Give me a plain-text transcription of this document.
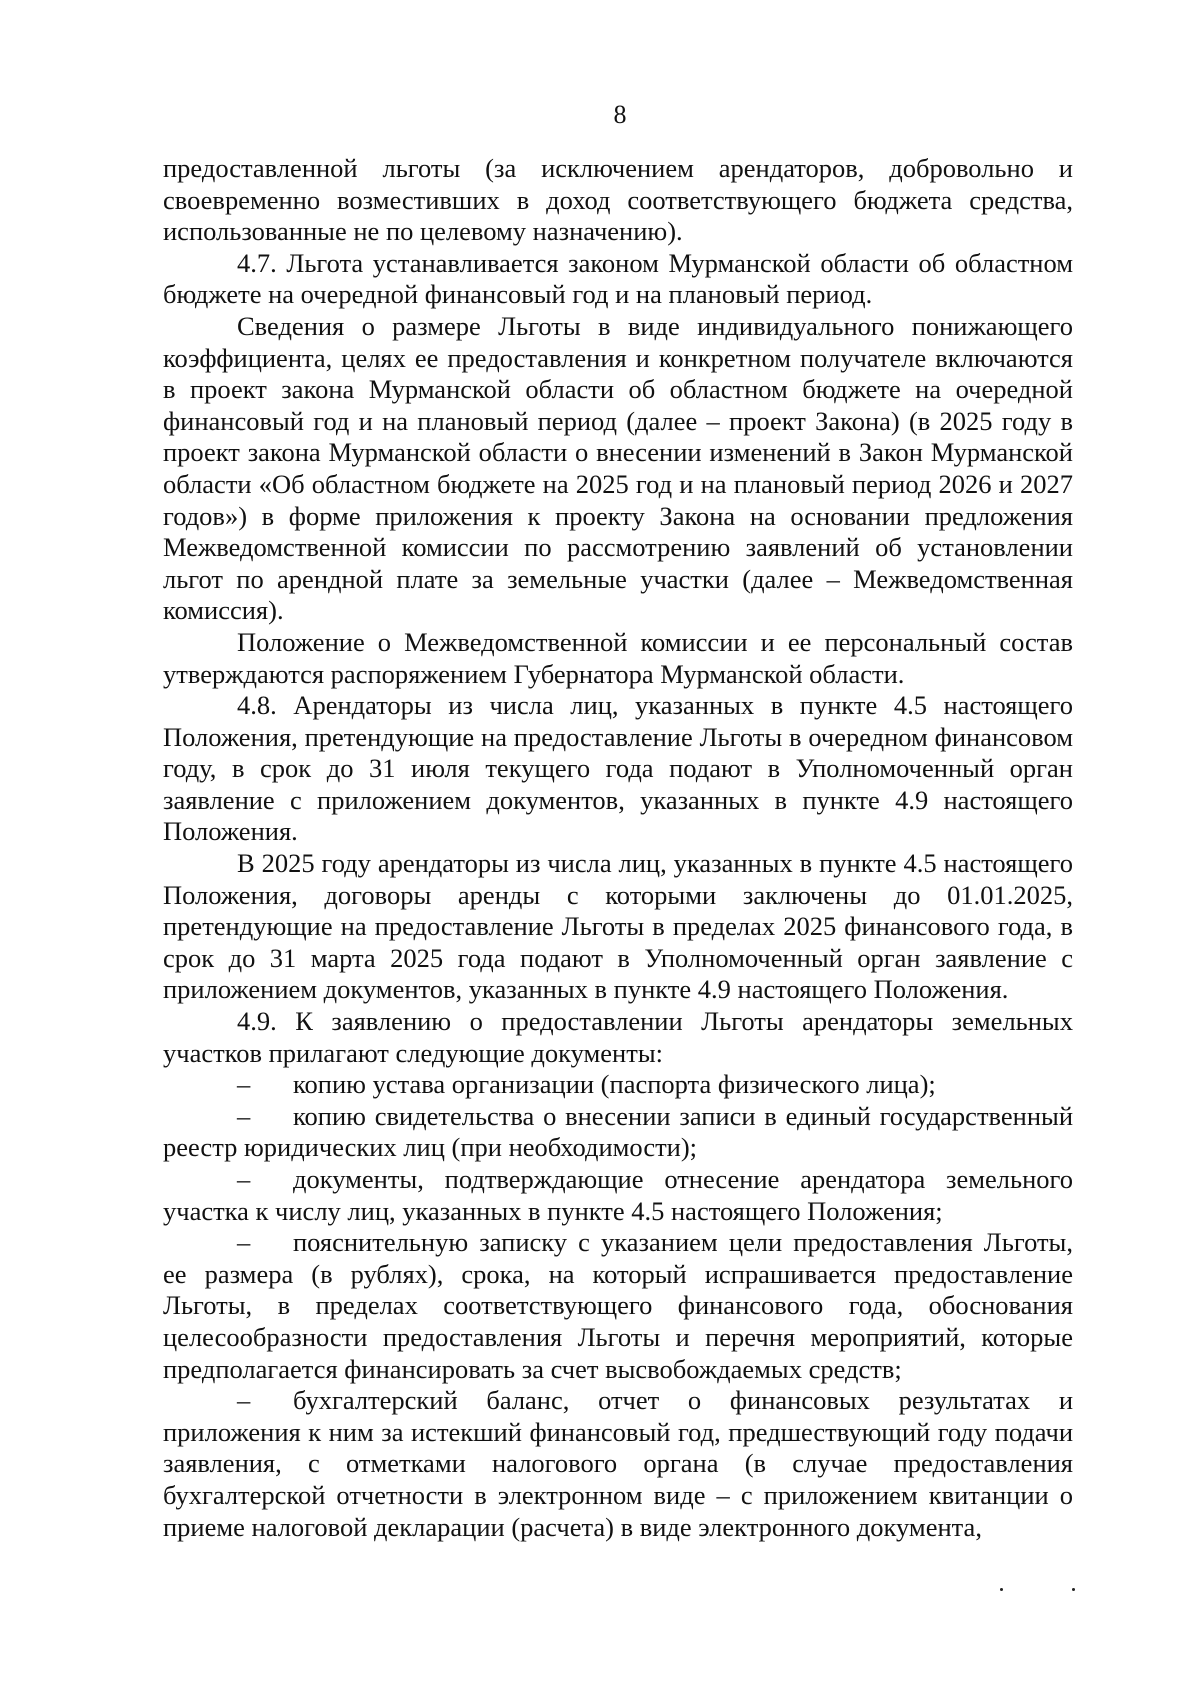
8

предоставленной льготы (за исключением арендаторов, добровольно и своевременно возместивших в доход соответствующего бюджета средства, использованные не по целевому назначению).

4.7. Льгота устанавливается законом Мурманской области об областном бюджете на очередной финансовый год и на плановый период.

Сведения о размере Льготы в виде индивидуального понижающего коэффициента, целях ее предоставления и конкретном получателе включаются в проект закона Мурманской области об областном бюджете на очередной финансовый год и на плановый период (далее – проект Закона) (в 2025 году в проект закона Мурманской области о внесении изменений в Закон Мурманской области «Об областном бюджете на 2025 год и на плановый период 2026 и 2027 годов») в форме приложения к проекту Закона на основании предложения Межведомственной комиссии по рассмотрению заявлений об установлении льгот по арендной плате за земельные участки (далее – Межведомственная комиссия).

Положение о Межведомственной комиссии и ее персональный состав утверждаются распоряжением Губернатора Мурманской области.

4.8. Арендаторы из числа лиц, указанных в пункте 4.5 настоящего Положения, претендующие на предоставление Льготы в очередном финансовом году, в срок до 31 июля текущего года подают в Уполномоченный орган заявление с приложением документов, указанных в пункте 4.9 настоящего Положения.

В 2025 году арендаторы из числа лиц, указанных в пункте 4.5 настоящего Положения, договоры аренды с которыми заключены до 01.01.2025, претендующие на предоставление Льготы в пределах 2025 финансового года, в срок до 31 марта 2025 года подают в Уполномоченный орган заявление с приложением документов, указанных в пункте 4.9 настоящего Положения.

4.9. К заявлению о предоставлении Льготы арендаторы земельных участков прилагают следующие документы:

– копию устава организации (паспорта физического лица);

– копию свидетельства о внесении записи в единый государственный реестр юридических лиц (при необходимости);

– документы, подтверждающие отнесение арендатора земельного участка к числу лиц, указанных в пункте 4.5 настоящего Положения;

– пояснительную записку с указанием цели предоставления Льготы, ее размера (в рублях), срока, на который испрашивается предоставление Льготы, в пределах соответствующего финансового года, обоснования целесообразности предоставления Льготы и перечня мероприятий, которые предполагается финансировать за счет высвобождаемых средств;

– бухгалтерский баланс, отчет о финансовых результатах и приложения к ним за истекший финансовый год, предшествующий году подачи заявления, с отметками налогового органа (в случае предоставления бухгалтерской отчетности в электронном виде – с приложением квитанции о приеме налоговой декларации (расчета) в виде электронного документа,
